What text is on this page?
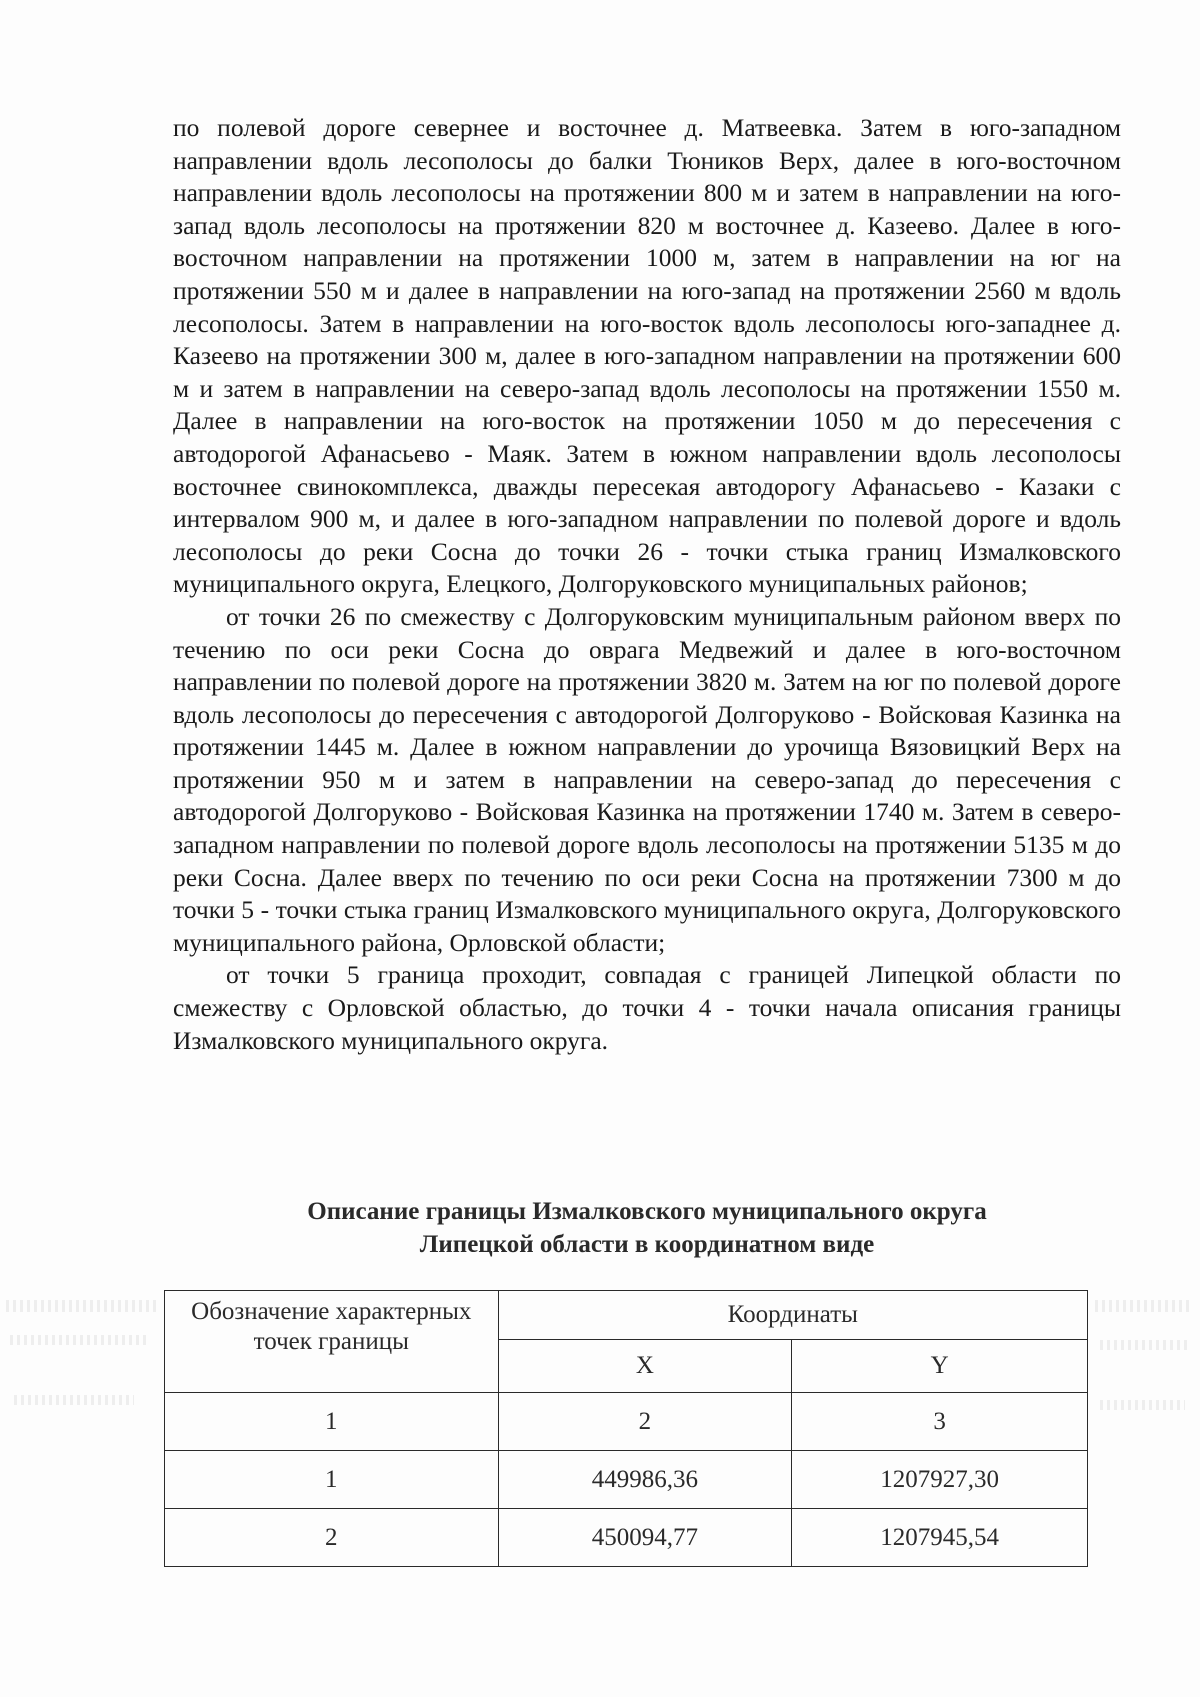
по полевой дороге севернее и восточнее д. Матвеевка. Затем в юго-западном направлении вдоль лесополосы до балки Тюников Верх, далее в юго-восточном направлении вдоль лесополосы на протяжении 800 м и затем в направлении на юго-запад вдоль лесополосы на протяжении 820 м восточнее д. Казеево. Далее в юго-восточном направлении на протяжении 1000 м, затем в направлении на юг на протяжении 550 м и далее в направлении на юго-запад на протяжении 2560 м вдоль лесополосы. Затем в направлении на юго-восток вдоль лесополосы юго-западнее д. Казеево на протяжении 300 м, далее в юго-западном направлении на протяжении 600 м и затем в направлении на северо-запад вдоль лесополосы на протяжении 1550 м. Далее в направлении на юго-восток на протяжении 1050 м до пересечения с автодорогой Афанасьево - Маяк. Затем в южном направлении вдоль лесополосы восточнее свинокомплекса, дважды пересекая автодорогу Афанасьево - Казаки с интервалом 900 м, и далее в юго-западном направлении по полевой дороге и вдоль лесополосы до реки Сосна до точки 26 - точки стыка границ Измалковского муниципального округа, Елецкого, Долгоруковского муниципальных районов;

от точки 26 по смежеству с Долгоруковским муниципальным районом вверх по течению по оси реки Сосна до оврага Медвежий и далее в юго-восточном направлении по полевой дороге на протяжении 3820 м. Затем на юг по полевой дороге вдоль лесополосы до пересечения с автодорогой Долгоруково - Войсковая Казинка на протяжении 1445 м. Далее в южном направлении до урочища Вязовицкий Верх на протяжении 950 м и затем в направлении на северо-запад до пересечения с автодорогой Долгоруково - Войсковая Казинка на протяжении 1740 м. Затем в северо-западном направлении по полевой дороге вдоль лесополосы на протяжении 5135 м до реки Сосна. Далее вверх по течению по оси реки Сосна на протяжении 7300 м до точки 5 - точки стыка границ Измалковского муниципального округа, Долгоруковского муниципального района, Орловской области;

от точки 5 граница проходит, совпадая с границей Липецкой области по смежеству с Орловской областью, до точки 4 - точки начала описания границы Измалковского муниципального округа.

Описание границы Измалковского муниципального округа
Липецкой области в координатном виде
Обозначение характерных точек границы	Координаты	
	X	Y
1	2	3
1	449986,36	1207927,30
2	450094,77	1207945,54
